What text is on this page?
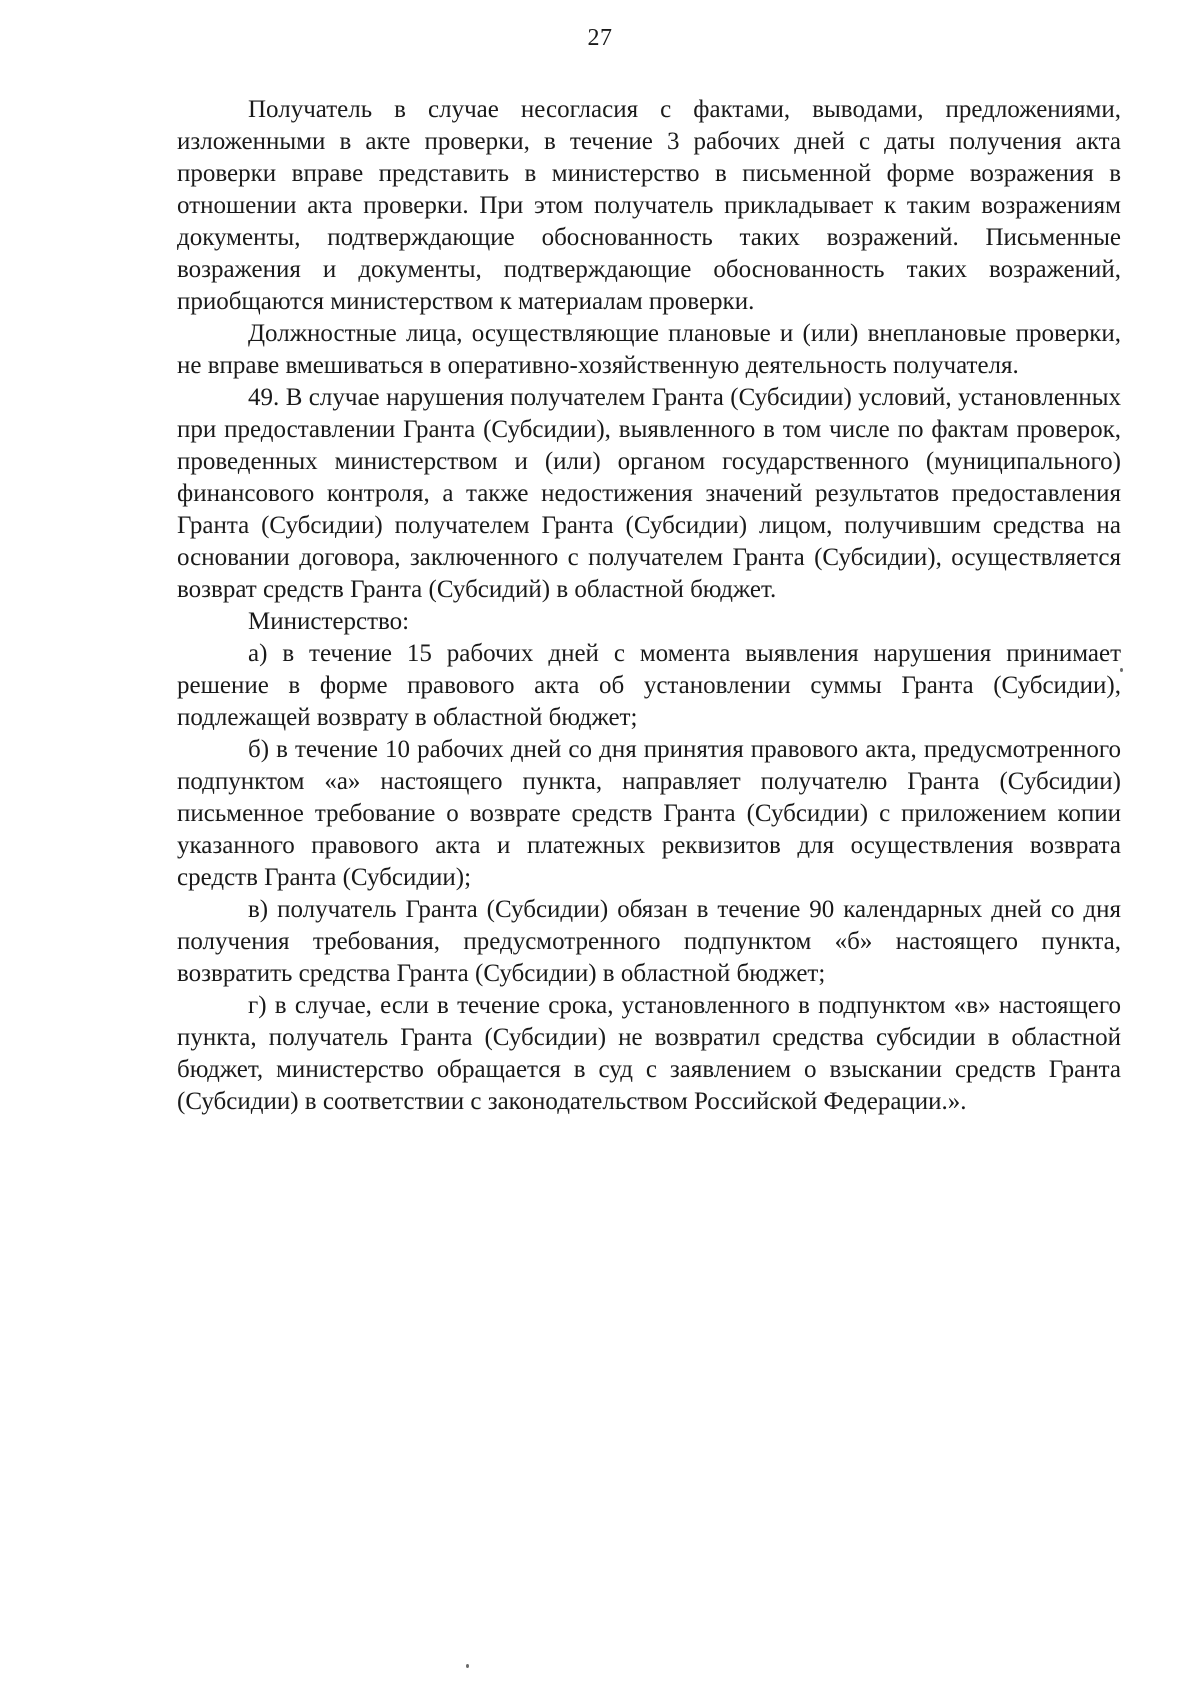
27

Получатель в случае несогласия с фактами, выводами, предложениями, изложенными в акте проверки, в течение 3 рабочих дней с даты получения акта проверки вправе представить в министерство в письменной форме возражения в отношении акта проверки. При этом получатель прикладывает к таким возражениям документы, подтверждающие обоснованность таких возражений. Письменные возражения и документы, подтверждающие обоснованность таких возражений, приобщаются министерством к материалам проверки.

Должностные лица, осуществляющие плановые и (или) внеплановые проверки, не вправе вмешиваться в оперативно-хозяйственную деятельность получателя.

49. В случае нарушения получателем Гранта (Субсидии) условий, установленных при предоставлении Гранта (Субсидии), выявленного в том числе по фактам проверок, проведенных министерством и (или) органом государственного (муниципального) финансового контроля, а также недостижения значений результатов предоставления Гранта (Субсидии) получателем Гранта (Субсидии) лицом, получившим средства на основании договора, заключенного с получателем Гранта (Субсидии), осуществляется возврат средств Гранта (Субсидий) в областной бюджет.

Министерство:

а) в течение 15 рабочих дней с момента выявления нарушения принимает решение в форме правового акта об установлении суммы Гранта (Субсидии), подлежащей возврату в областной бюджет;

б) в течение 10 рабочих дней со дня принятия правового акта, предусмотренного подпунктом «а» настоящего пункта, направляет получателю Гранта (Субсидии) письменное требование о возврате средств Гранта (Субсидии) с приложением копии указанного правового акта и платежных реквизитов для осуществления возврата средств Гранта (Субсидии);

в) получатель Гранта (Субсидии) обязан в течение 90 календарных дней со дня получения требования, предусмотренного подпунктом «б» настоящего пункта, возвратить средства Гранта (Субсидии) в областной бюджет;

г) в случае, если в течение срока, установленного в подпунктом «в» настоящего пункта, получатель Гранта (Субсидии) не возвратил средства субсидии в областной бюджет, министерство обращается в суд с заявлением о взыскании средств Гранта (Субсидии) в соответствии с законодательством Российской Федерации.».
